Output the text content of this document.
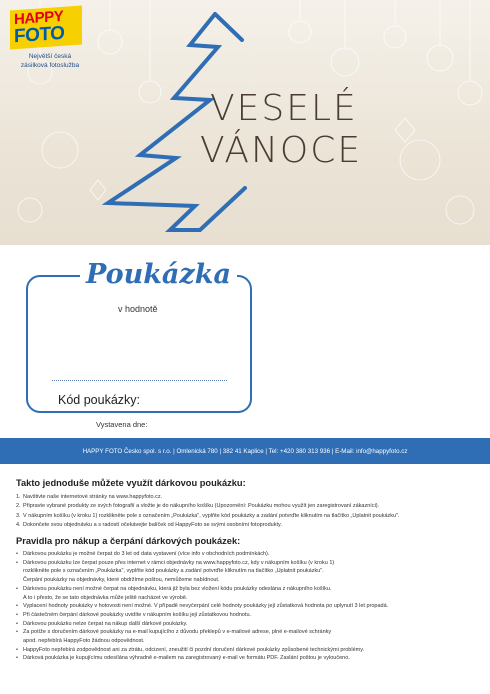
HAPPY
FOTO
Největší česká
zásilková fotoslužba
VESELÉ
VÁNOCE
Poukázka
v hodnotě
Kód poukázky:
Vystavena dne:
HAPPY FOTO Česko spol. s r.o. | Omlenická 780 | 382 41 Kaplice | Tel: +420 380 313 936 | E-Mail: info@happyfoto.cz
Takto jednoduše můžete využít dárkovou poukázku:
1. Navštivte naše internetové stránky na www.happyfoto.cz.
2. Připravte vybrané produkty ze svých fotografií a vložte je do nákupního košíku (Upozornění: Poukázku mohou využít jen zaregistrovaní zákazníci).
3. V nákupním košíku (v kroku 1) rozklikněte pole s označením „Poukázka", vyplňte kód poukázky a zadání potvrďte kliknutím na tlačítko „Uplatnit poukázku".
4. Dokončete svou objednávku a s radostí očekávejte balíček od HappyFoto se svými osobními fotoprodukty.
Pravidla pro nákup a čerpání dárkových poukázek:
• Dárkovou poukázku je možné čerpat do 3 let od data vystavení (více info v obchodních podmínkách).
• Dárkovou poukázku lze čerpat pouze přes internet v rámci objednávky na www.happyfoto.cz, kdy v nákupním košíku (v kroku 1)
rozklikněte pole s označením „Poukázka", vyplňte kód poukázky a zadání potvrďte kliknutím na tlačítko „Uplatnit poukázku".
Čerpání poukázky na objednávky, které obdržíme poštou, nemůžeme nabídnout.
• Dárkovou poukázku není možné čerpat na objednávku, která již byla bez vložení kódu poukázky odeslána z nákupního košíku.
A to i přesto, že se tato objednávka může ještě nacházet ve výrobě.
• Vyplacení hodnoty poukázky v hotovosti není možné. V případě nevyčerpání celé hodnoty poukázky její zůstatková hodnota po uplynutí 3 let propadá.
• Při částečném čerpání dárkové poukázky uvidíte v nákupním košíku její zůstatkovou hodnotu.
• Dárkovou poukázku nelze čerpat na nákup další dárkové poukázky.
• Za potíže s doručením dárkové poukázky na e-mail kupujícího z důvodu překlepů v e-mailové adrese, plné e-mailové schránky
apod. nepřebírá HappyFoto žádnou odpovědnost.
• HappyFoto nepřebírá zodpovědnost ani za ztrátu, odcizení, zneužití či pozdní doručení dárkové poukázky způsobené technickými problémy.
• Dárková poukázka je kupujícímu odesílána výhradně e-mailem na zaregistrovaný e-mail ve formátu PDF. Zaslání poštou je vyloučeno.
